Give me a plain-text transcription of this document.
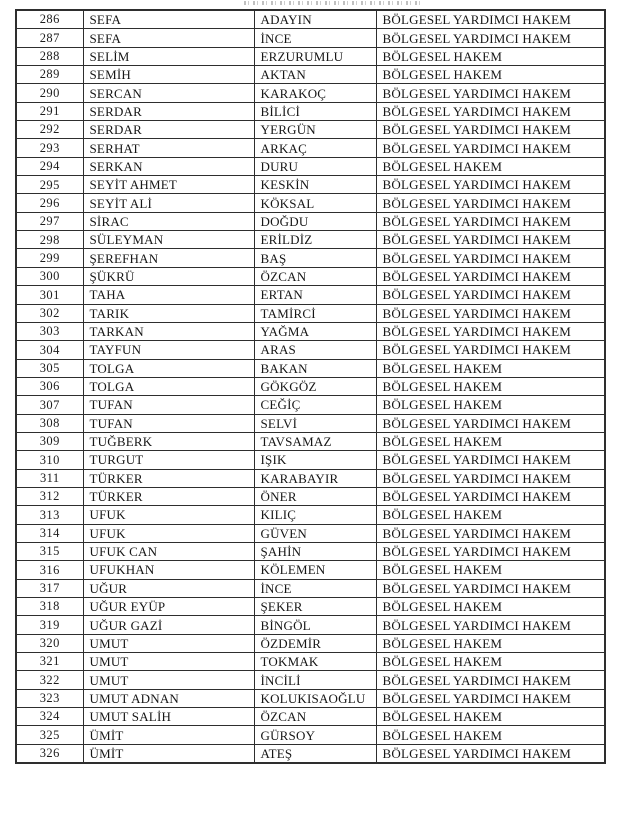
286	SEFA	ADAYIN	BÖLGESEL YARDIMCI HAKEM
287	SEFA	İNCE	BÖLGESEL YARDIMCI HAKEM
288	SELİM	ERZURUMLU	BÖLGESEL HAKEM
289	SEMİH	AKTAN	BÖLGESEL HAKEM
290	SERCAN	KARAKOÇ	BÖLGESEL YARDIMCI HAKEM
291	SERDAR	BİLİCİ	BÖLGESEL YARDIMCI HAKEM
292	SERDAR	YERGÜN	BÖLGESEL YARDIMCI HAKEM
293	SERHAT	ARKAÇ	BÖLGESEL YARDIMCI HAKEM
294	SERKAN	DURU	BÖLGESEL HAKEM
295	SEYİT AHMET	KESKİN	BÖLGESEL YARDIMCI HAKEM
296	SEYİT ALİ	KÖKSAL	BÖLGESEL YARDIMCI HAKEM
297	SİRAC	DOĞDU	BÖLGESEL YARDIMCI HAKEM
298	SÜLEYMAN	ERİLDİZ	BÖLGESEL YARDIMCI HAKEM
299	ŞEREFHAN	BAŞ	BÖLGESEL YARDIMCI HAKEM
300	ŞÜKRÜ	ÖZCAN	BÖLGESEL YARDIMCI HAKEM
301	TAHA	ERTAN	BÖLGESEL YARDIMCI HAKEM
302	TARIK	TAMİRCİ	BÖLGESEL YARDIMCI HAKEM
303	TARKAN	YAĞMA	BÖLGESEL YARDIMCI HAKEM
304	TAYFUN	ARAS	BÖLGESEL YARDIMCI HAKEM
305	TOLGA	BAKAN	BÖLGESEL HAKEM
306	TOLGA	GÖKGÖZ	BÖLGESEL HAKEM
307	TUFAN	CEĞİÇ	BÖLGESEL HAKEM
308	TUFAN	SELVİ	BÖLGESEL YARDIMCI HAKEM
309	TUĞBERK	TAVSAMAZ	BÖLGESEL HAKEM
310	TURGUT	IŞIK	BÖLGESEL YARDIMCI HAKEM
311	TÜRKER	KARABAYIR	BÖLGESEL YARDIMCI HAKEM
312	TÜRKER	ÖNER	BÖLGESEL YARDIMCI HAKEM
313	UFUK	KILIÇ	BÖLGESEL HAKEM
314	UFUK	GÜVEN	BÖLGESEL YARDIMCI HAKEM
315	UFUK CAN	ŞAHİN	BÖLGESEL YARDIMCI HAKEM
316	UFUKHAN	KÖLEMEN	BÖLGESEL HAKEM
317	UĞUR	İNCE	BÖLGESEL YARDIMCI HAKEM
318	UĞUR EYÜP	ŞEKER	BÖLGESEL HAKEM
319	UĞUR GAZİ	BİNGÖL	BÖLGESEL YARDIMCI HAKEM
320	UMUT	ÖZDEMİR	BÖLGESEL HAKEM
321	UMUT	TOKMAK	BÖLGESEL HAKEM
322	UMUT	İNCİLİ	BÖLGESEL YARDIMCI HAKEM
323	UMUT ADNAN	KOLUKISAOĞLU	BÖLGESEL YARDIMCI HAKEM
324	UMUT SALİH	ÖZCAN	BÖLGESEL HAKEM
325	ÜMİT	GÜRSOY	BÖLGESEL HAKEM
326	ÜMİT	ATEŞ	BÖLGESEL YARDIMCI HAKEM
